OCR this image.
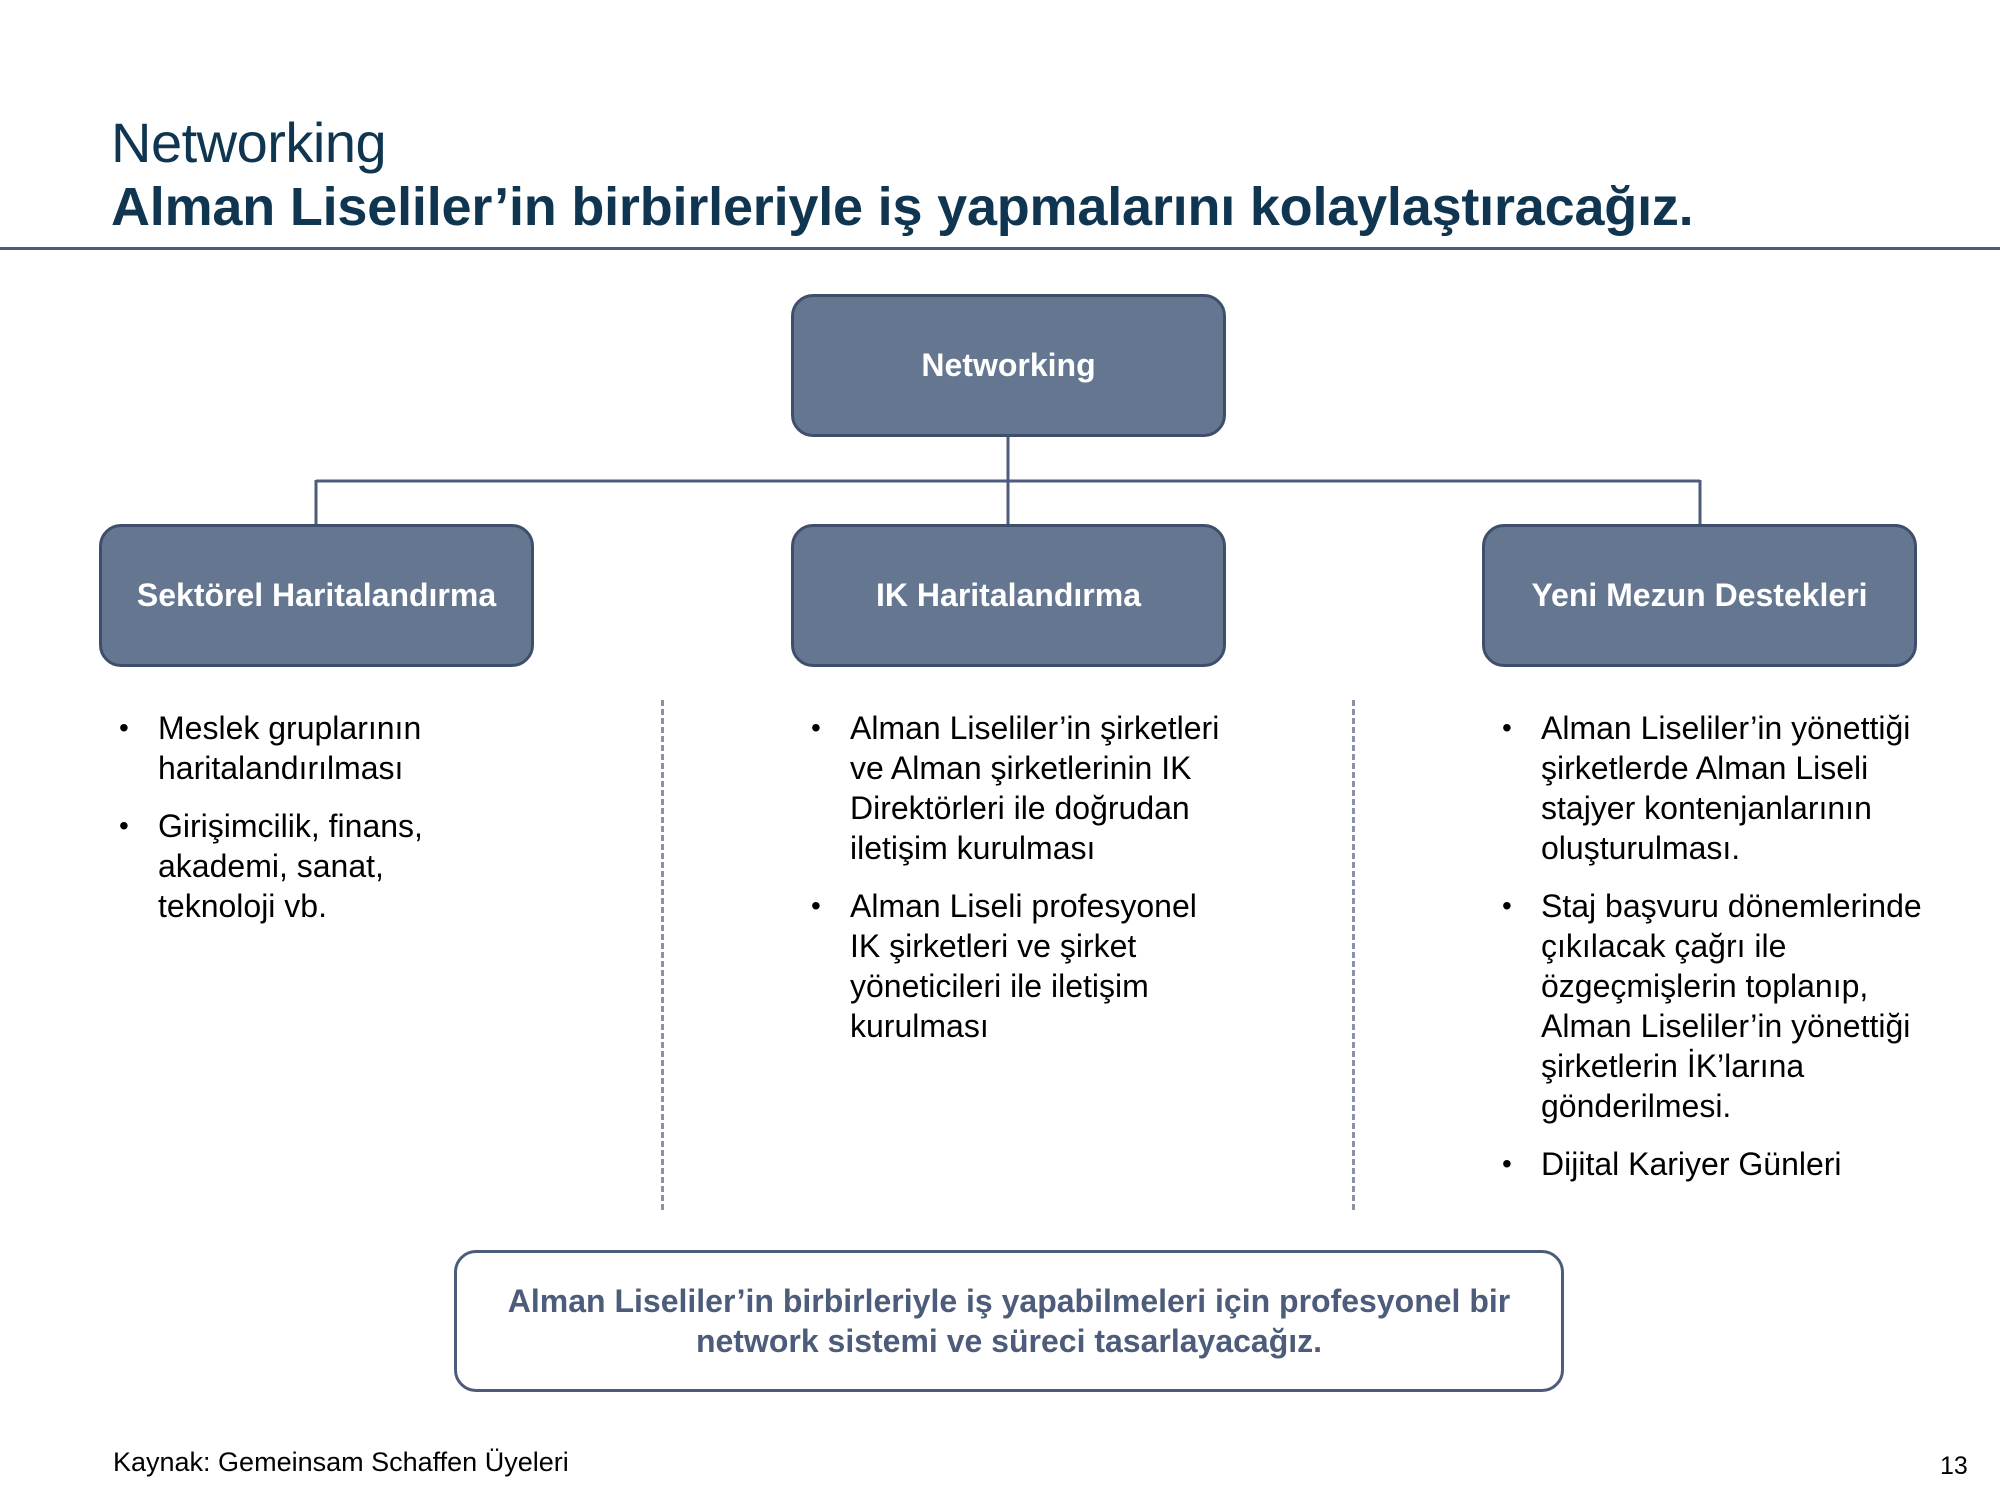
Networking
Alman Liseliler’in birbirleriyle iş yapmalarını kolaylaştıracağız.
Networking
Sektörel Haritalandırma	IK Haritalandırma	Yeni Mezun Destekleri
• Meslek gruplarının haritalandırılması
• Girişimcilik, finans, akademi, sanat, teknoloji vb.
• Alman Liseliler’in şirketleri ve Alman şirketlerinin IK Direktörleri ile doğrudan iletişim kurulması
• Alman Liseli profesyonel IK şirketleri ve şirket yöneticileri ile iletişim kurulması
• Alman Liseliler’in yönettiği şirketlerde Alman Liseli stajyer kontenjanlarının oluşturulması.
• Staj başvuru dönemlerinde çıkılacak çağrı ile özgeçmişlerin toplanıp, Alman Liseliler’in yönettiği şirketlerin İK’larına gönderilmesi.
• Dijital Kariyer Günleri
Alman Liseliler’in birbirleriyle iş yapabilmeleri için profesyonel bir network sistemi ve süreci tasarlayacağız.
Kaynak: Gemeinsam Schaffen Üyeleri	13
